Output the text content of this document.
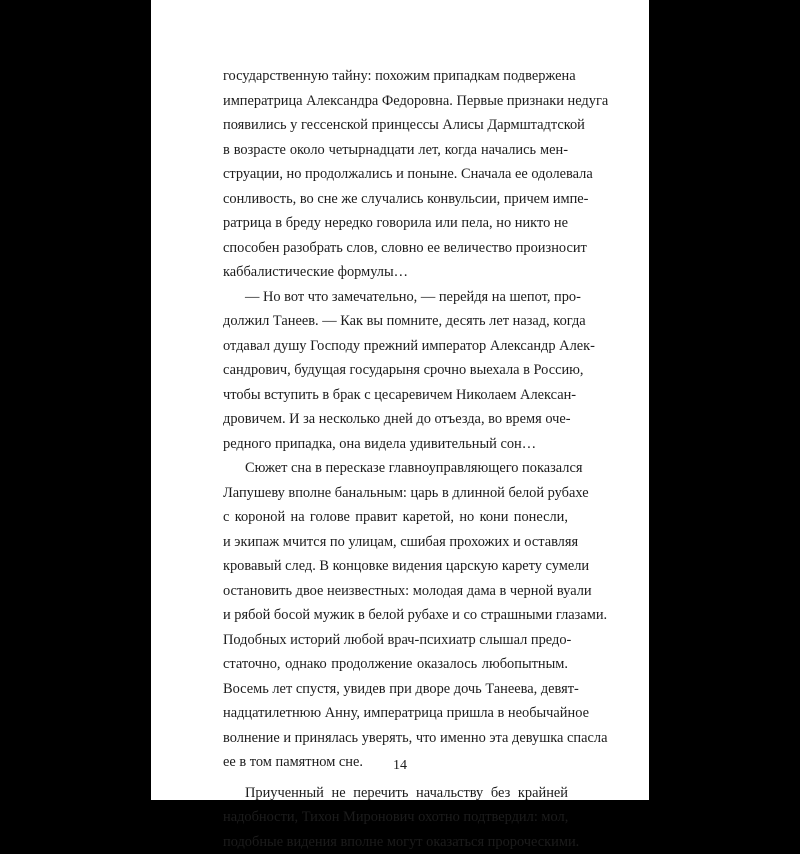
государственную тайну: похожим припадкам подвержена
императрица Александра Федоровна. Первые признаки недуга
появились у гессенской принцессы Алисы Дармштадтской
в возрасте около четырнадцати лет, когда начались мен-
струации, но продолжались и поныне. Сначала ее одолевала
сонливость, во сне же случались конвульсии, причем импе-
ратрица в бреду нередко говорила или пела, но никто не
способен разобрать слов, словно ее величество произносит
каббалистические формулы…
— Но вот что замечательно, — перейдя на шепот, про-
должил Танеев. — Как вы помните, десять лет назад, когда
отдавал душу Господу прежний император Александр Алек-
сандрович, будущая государыня срочно выехала в Россию,
чтобы вступить в брак с цесаревичем Николаем Алексан-
дровичем. И за несколько дней до отъезда, во время оче-
редного припадка, она видела удивительный сон…
Сюжет сна в пересказе главноуправляющего показался
Лапушеву вполне банальным: царь в длинной белой рубахе
с короной на голове правит каретой, но кони понесли,
и экипаж мчится по улицам, сшибая прохожих и оставляя
кровавый след. В концовке видения царскую карету сумели
остановить двое неизвестных: молодая дама в черной вуали
и рябой босой мужик в белой рубахе и со страшными глазами.
Подобных историй любой врач-психиатр слышал предо-
статочно, однако продолжение оказалось любопытным.
Восемь лет спустя, увидев при дворе дочь Танеева, девят-
надцатилетнюю Анну, императрица пришла в необычайное
волнение и принялась уверять, что именно эта девушка спасла
ее в том памятном сне.
Приученный не перечить начальству без крайней
надобности, Тихон Миронович охотно подтвердил: мол,
подобные видения вполне могут оказаться пророческими.
14
